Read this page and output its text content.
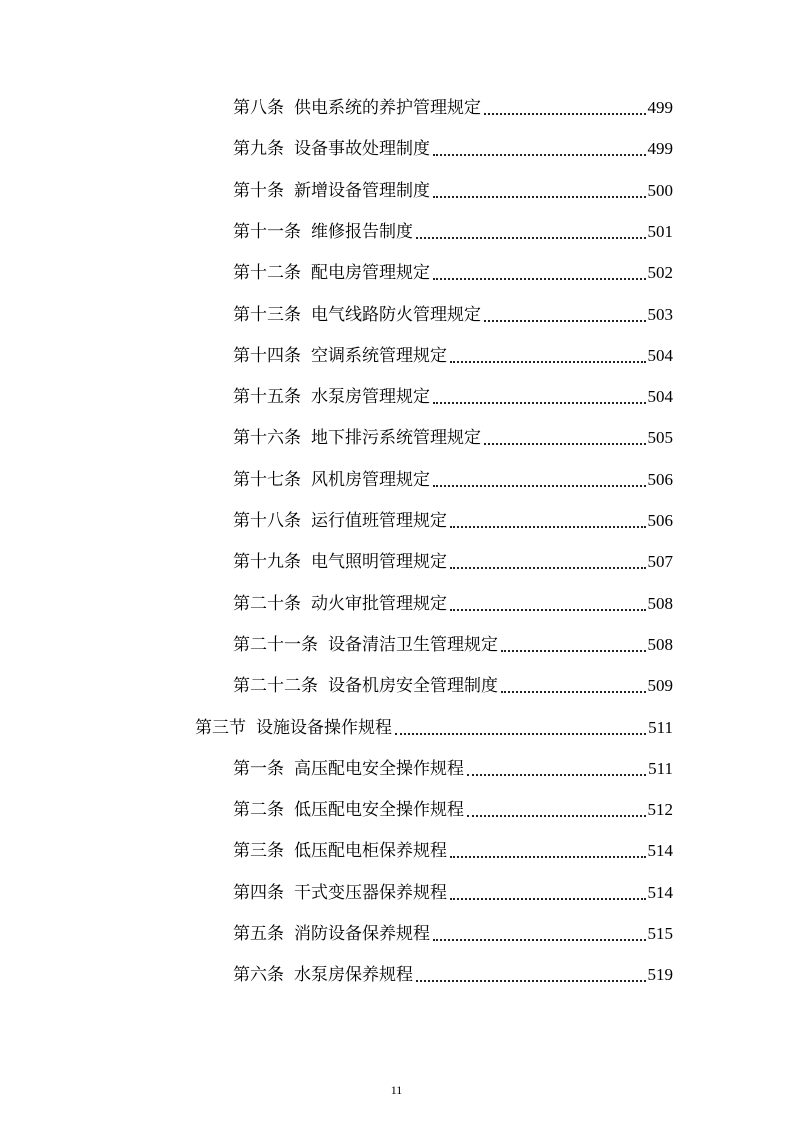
第八条 供电系统的养护管理规定	499
第九条 设备事故处理制度	499
第十条 新增设备管理制度	500
第十一条 维修报告制度	501
第十二条 配电房管理规定	502
第十三条 电气线路防火管理规定	503
第十四条 空调系统管理规定	504
第十五条 水泵房管理规定	504
第十六条 地下排污系统管理规定	505
第十七条 风机房管理规定	506
第十八条 运行值班管理规定	506
第十九条 电气照明管理规定	507
第二十条 动火审批管理规定	508
第二十一条 设备清洁卫生管理规定	508
第二十二条 设备机房安全管理制度	509
第三节 设施设备操作规程	511
第一条 高压配电安全操作规程	511
第二条 低压配电安全操作规程	512
第三条 低压配电柜保养规程	514
第四条 干式变压器保养规程	514
第五条 消防设备保养规程	515
第六条 水泵房保养规程	519
11
